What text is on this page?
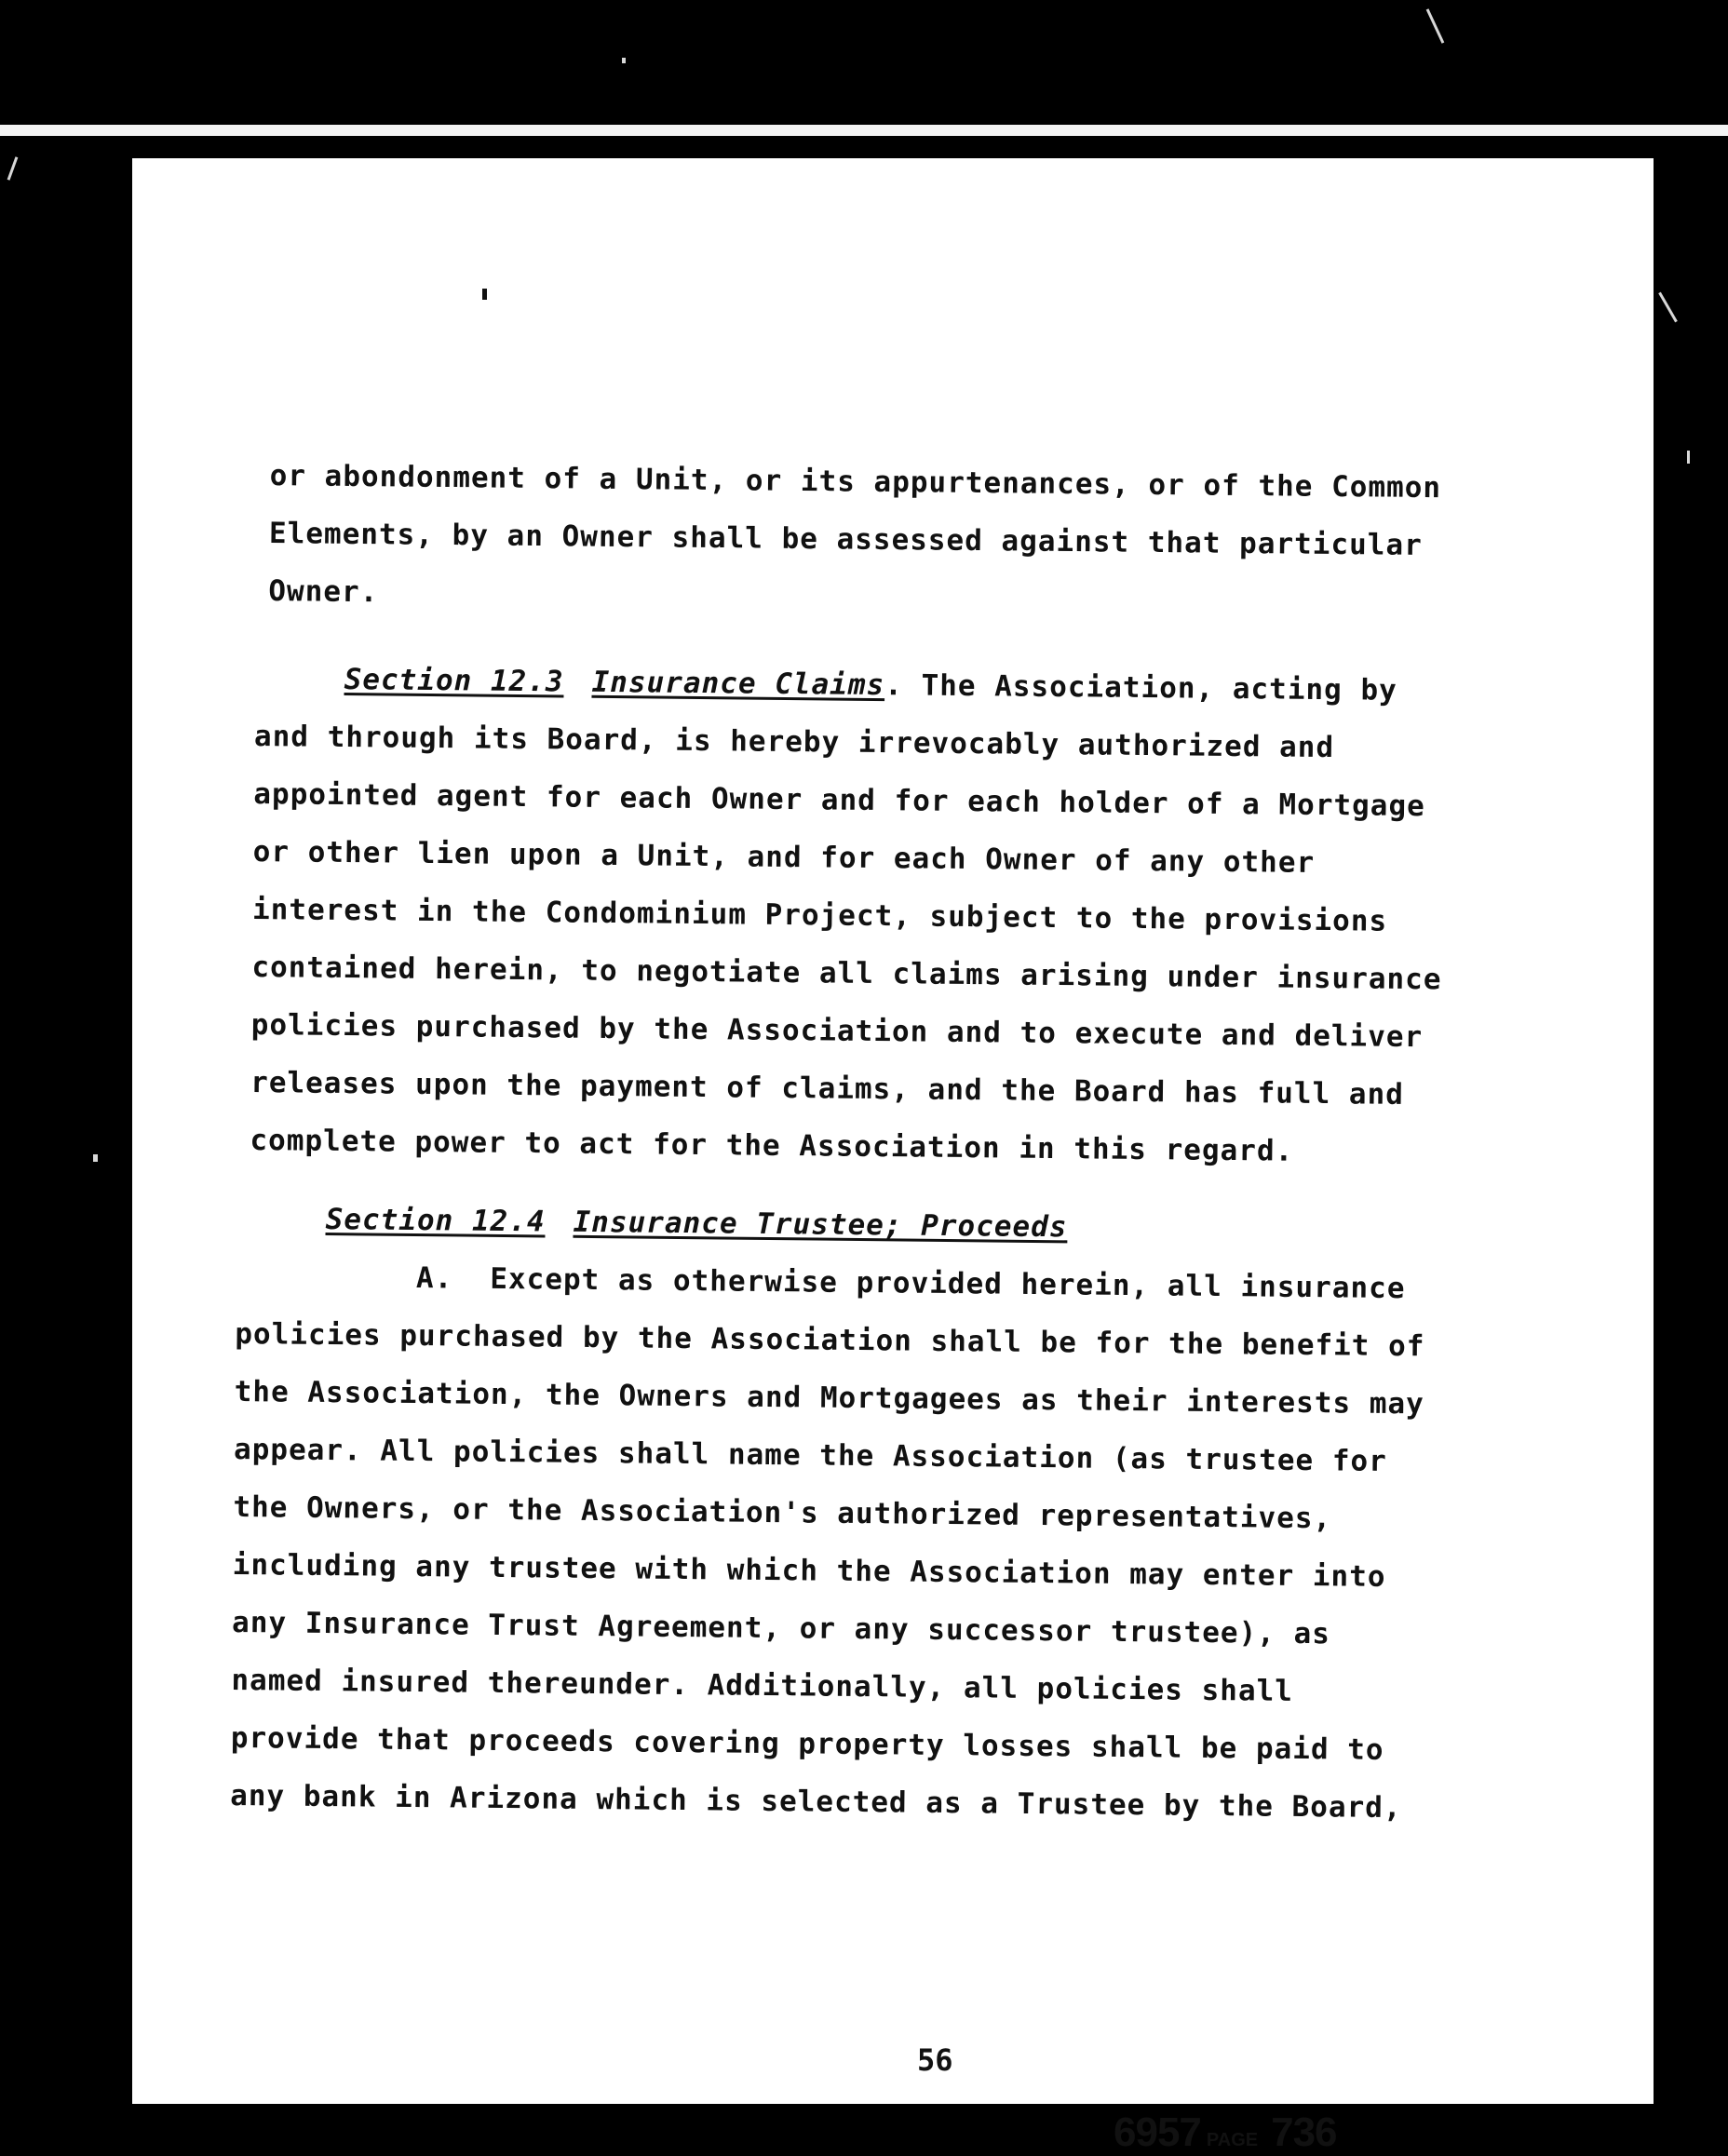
or abondonment of a Unit, or its appurtenances, or of the Common
Elements, by an Owner shall be assessed against that particular
Owner.
Section 12.3 Insurance Claims. The Association, acting by
and through its Board, is hereby irrevocably authorized and
appointed agent for each Owner and for each holder of a Mortgage
or other lien upon a Unit, and for each Owner of any other
interest in the Condominium Project, subject to the provisions
contained herein, to negotiate all claims arising under insurance
policies purchased by the Association and to execute and deliver
releases upon the payment of claims, and the Board has full and
complete power to act for the Association in this regard.
Section 12.4 Insurance Trustee; Proceeds
A. Except as otherwise provided herein, all insurance
policies purchased by the Association shall be for the benefit of
the Association, the Owners and Mortgagees as their interests may
appear. All policies shall name the Association (as trustee for
the Owners, or the Association's authorized representatives,
including any trustee with which the Association may enter into
any Insurance Trust Agreement, or any successor trustee), as
named insured thereunder. Additionally, all policies shall
provide that proceeds covering property losses shall be paid to
any bank in Arizona which is selected as a Trustee by the Board,
56
6957 PAGE 736
